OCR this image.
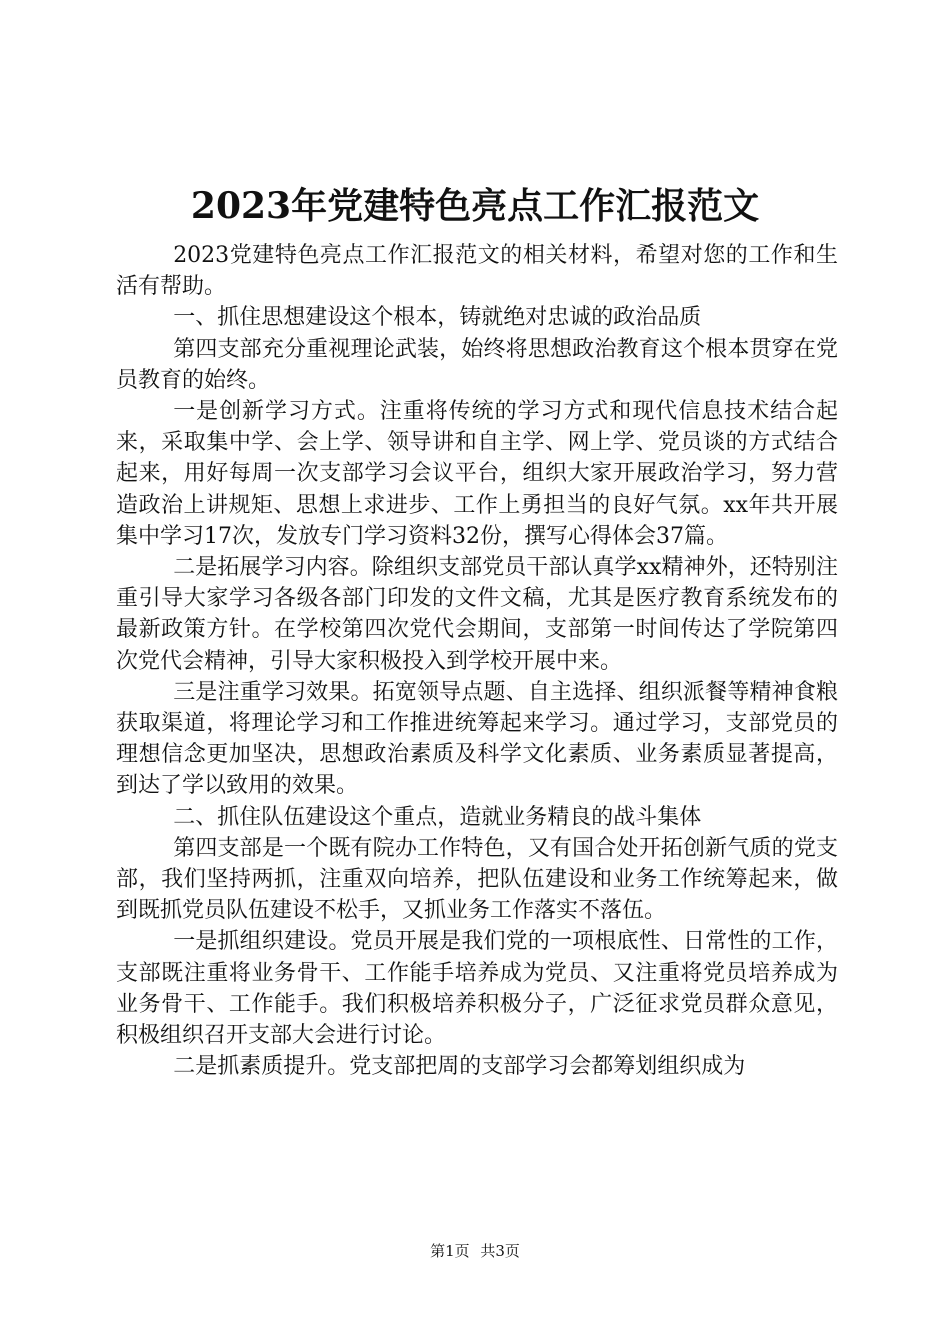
2023年党建特色亮点工作汇报范文

2023党建特色亮点工作汇报范文的相关材料，希望对您的工作和生活有帮助。

一、抓住思想建设这个根本，铸就绝对忠诚的政治品质

第四支部充分重视理论武装，始终将思想政治教育这个根本贯穿在党员教育的始终。

一是创新学习方式。注重将传统的学习方式和现代信息技术结合起来，采取集中学、会上学、领导讲和自主学、网上学、党员谈的方式结合起来，用好每周一次支部学习会议平台，组织大家开展政治学习，努力营造政治上讲规矩、思想上求进步、工作上勇担当的良好气氛。xx年共开展集中学习17次，发放专门学习资料32份，撰写心得体会37篇。

二是拓展学习内容。除组织支部党员干部认真学xx精神外，还特别注重引导大家学习各级各部门印发的文件文稿，尤其是医疗教育系统发布的最新政策方针。在学校第四次党代会期间，支部第一时间传达了学院第四次党代会精神，引导大家积极投入到学校开展中来。

三是注重学习效果。拓宽领导点题、自主选择、组织派餐等精神食粮获取渠道，将理论学习和工作推进统筹起来学习。通过学习，支部党员的理想信念更加坚决，思想政治素质及科学文化素质、业务素质显著提高，到达了学以致用的效果。

二、抓住队伍建设这个重点，造就业务精良的战斗集体

第四支部是一个既有院办工作特色，又有国合处开拓创新气质的党支部，我们坚持两抓，注重双向培养，把队伍建设和业务工作统筹起来，做到既抓党员队伍建设不松手，又抓业务工作落实不落伍。

一是抓组织建设。党员开展是我们党的一项根底性、日常性的工作，支部既注重将业务骨干、工作能手培养成为党员、又注重将党员培养成为业务骨干、工作能手。我们积极培养积极分子，广泛征求党员群众意见，积极组织召开支部大会进行讨论。

二是抓素质提升。党支部把周的支部学习会都筹划组织成为

第1页 共3页
